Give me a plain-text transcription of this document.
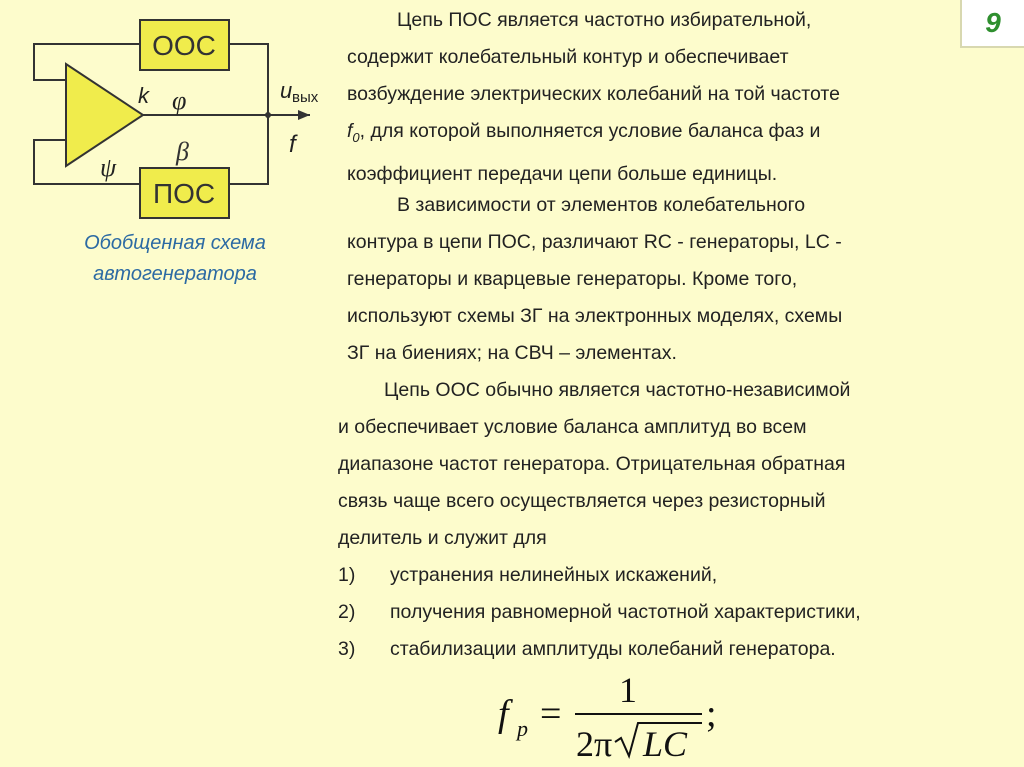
ООС
ПОС
k φ
β
ψ
u вых
f
Обобщенная схема
автогенератора
9
Цепь ПОС является частотно избирательной,
содержит колебательный контур и обеспечивает
возбуждение электрических колебаний на той частоте
$f_0$, для которой выполняется условие баланса фаз и
коэффициент передачи цепи больше единицы.
В зависимости от элементов колебательного
контура в цепи ПОС, различают RC - генераторы, LC -
генераторы и кварцевые генераторы. Кроме того,
используют схемы ЗГ на электронных моделях, схемы
ЗГ на биениях; на СВЧ – элементах.
Цепь ООС обычно является частотно-независимой
и обеспечивает условие баланса амплитуд во всем
диапазоне частот генератора. Отрицательная обратная
связь чаще всего осуществляется через резисторный
делитель и служит для
1)	устранения нелинейных искажений,
2)	получения равномерной частотной характеристики,
3)	стабилизации амплитуды колебаний генератора.
f p =
1
2π LC
;
